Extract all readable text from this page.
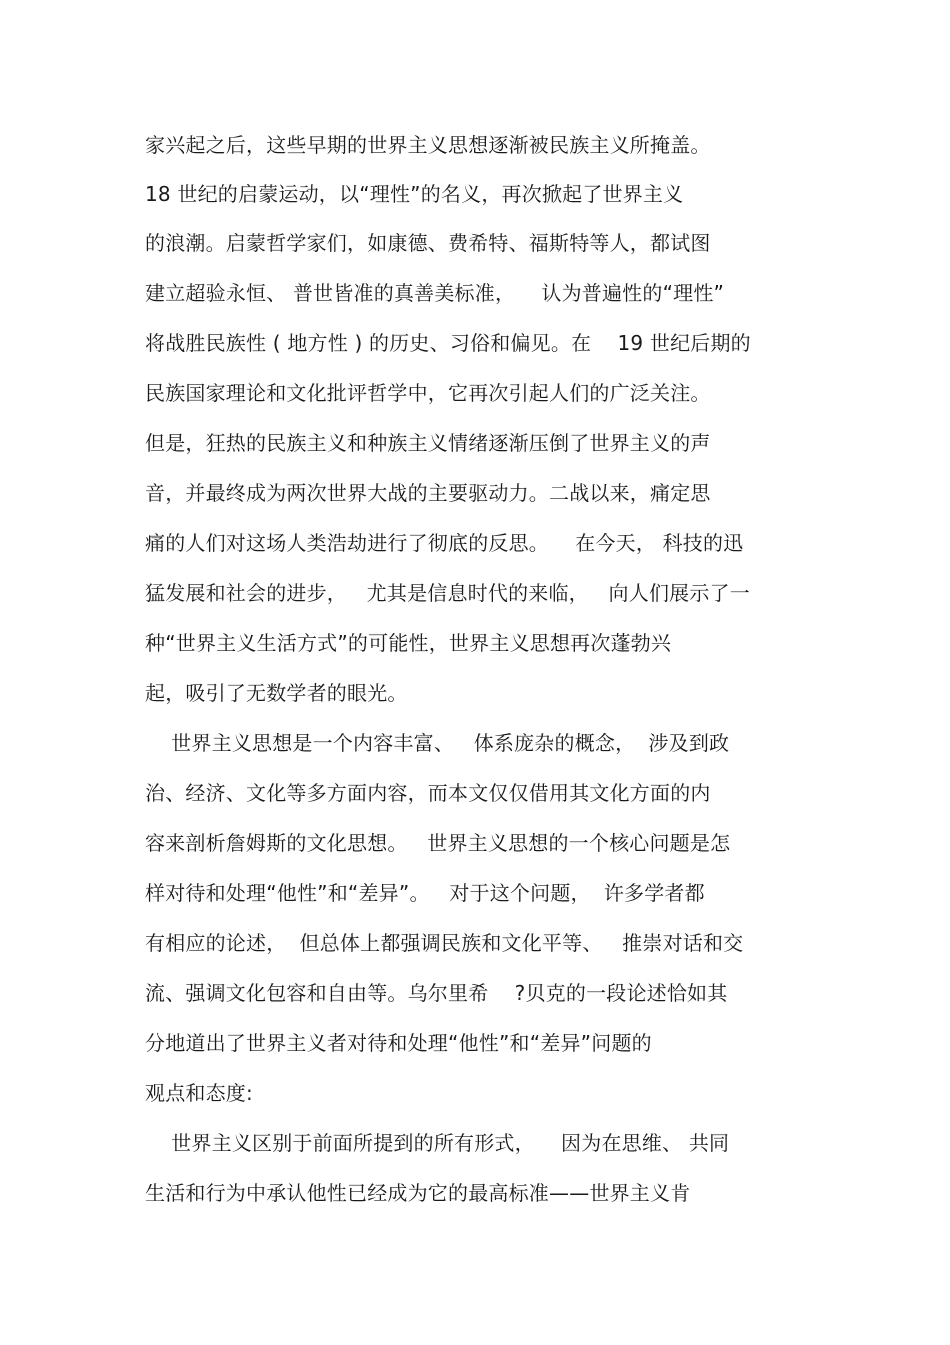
家兴起之后，这些早期的世界主义思想逐渐被民族主义所掩盖。

18 世纪的启蒙运动，以“理性”的名义，再次掀起了世界主义

的浪潮。启蒙哲学家们，如康德、费希特、福斯特等人，都试图

建立超验永恒、 普世皆准的真善美标准，    认为普遍性的“理性”

将战胜民族性 ( 地方性 ) 的历史、习俗和偏见。在    19 世纪后期的

民族国家理论和文化批评哲学中，它再次引起人们的广泛关注。

但是，狂热的民族主义和种族主义情绪逐渐压倒了世界主义的声

音，并最终成为两次世界大战的主要驱动力。二战以来，痛定思

痛的人们对这场人类浩劫进行了彻底的反思。    在今天， 科技的迅

猛发展和社会的进步，   尤其是信息时代的来临，   向人们展示了一

种“世界主义生活方式”的可能性，世界主义思想再次蓬勃兴

起，吸引了无数学者的眼光。

世界主义思想是一个内容丰富、   体系庞杂的概念，  涉及到政

治、经济、文化等多方面内容，而本文仅仅借用其文化方面的内

容来剖析詹姆斯的文化思想。   世界主义思想的一个核心问题是怎

样对待和处理“他性”和“差异”。   对于这个问题，  许多学者都

有相应的论述，  但总体上都强调民族和文化平等、   推崇对话和交

流、强调文化包容和自由等。乌尔里希    ?贝克的一段论述恰如其

分地道出了世界主义者对待和处理“他性”和“差异”问题的

观点和态度:

世界主义区别于前面所提到的所有形式，    因为在思维、 共同

生活和行为中承认他性已经成为它的最高标准——世界主义肯
